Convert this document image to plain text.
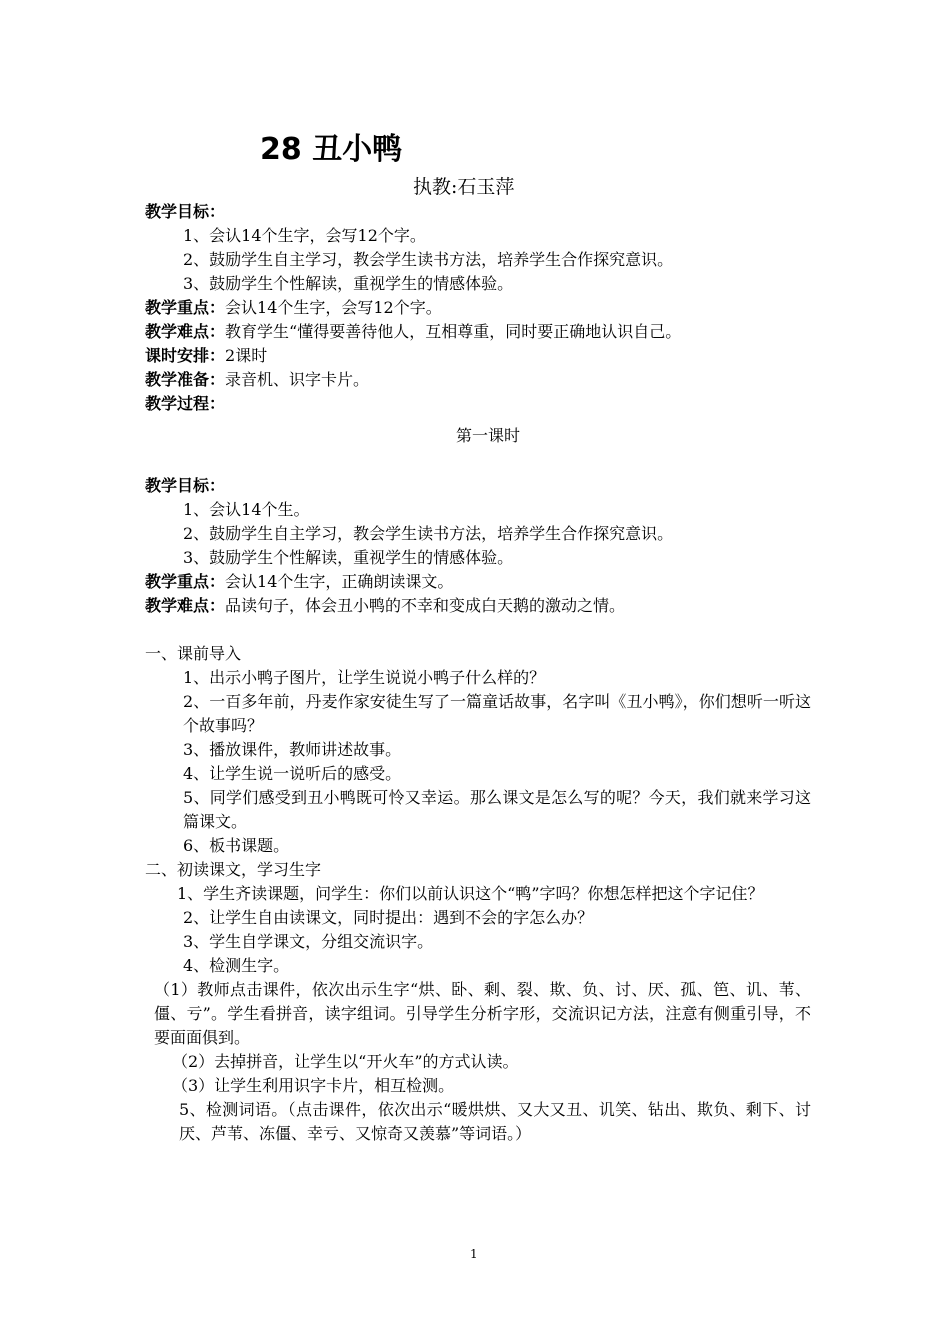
28 丑小鸭
执教:石玉萍

教学目标：

1、会认14个生字，会写12个字。

2、鼓励学生自主学习，教会学生读书方法，培养学生合作探究意识。

3、鼓励学生个性解读，重视学生的情感体验。

教学重点：会认14个生字，会写12个字。

教学难点：教育学生“懂得要善待他人，互相尊重，同时要正确地认识自己。

课时安排：2课时

教学准备：录音机、识字卡片。

教学过程：

第一课时

教学目标：

1、会认14个生。

2、鼓励学生自主学习，教会学生读书方法，培养学生合作探究意识。

3、鼓励学生个性解读，重视学生的情感体验。

教学重点：会认14个生字，正确朗读课文。

教学难点：品读句子，体会丑小鸭的不幸和变成白天鹅的激动之情。

一、课前导入

1、出示小鸭子图片，让学生说说小鸭子什么样的？

2、一百多年前，丹麦作家安徒生写了一篇童话故事，名字叫《丑小鸭》，你们想听一听这个故事吗？

3、播放课件，教师讲述故事。

4、让学生说一说听后的感受。

5、同学们感受到丑小鸭既可怜又幸运。那么课文是怎么写的呢？今天，我们就来学习这篇课文。

6、板书课题。

二、初读课文，学习生字

1、学生齐读课题，问学生：你们以前认识这个“鸭”字吗？你想怎样把这个字记住？

2、让学生自由读课文，同时提出：遇到不会的字怎么办？

3、学生自学课文，分组交流识字。

4、检测生字。

（1）教师点击课件，依次出示生字“烘、卧、剩、裂、欺、负、讨、厌、孤、笆、讥、苇、僵、亏”。学生看拼音，读字组词。引导学生分析字形，交流识记方法，注意有侧重引导，不要面面俱到。

（2）去掉拼音，让学生以“开火车”的方式认读。

（3）让学生利用识字卡片，相互检测。

5、检测词语。（点击课件，依次出示“暖烘烘、又大又丑、讥笑、钻出、欺负、剩下、讨厌、芦苇、冻僵、幸亏、又惊奇又羡慕”等词语。）

1
